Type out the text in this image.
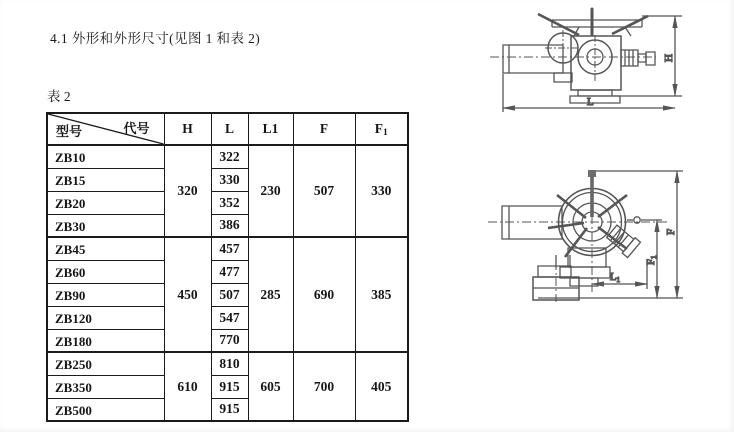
4.1 外形和外形尺寸(见图 1 和表 2)
表 2
型号 代号	H	L	L1	F	$F_1$
ZB10	320	322	230	507	330
ZB15		330			
ZB20		352			
ZB30		386			
ZB45	450	457	285	690	385
ZB60		477			
ZB90		507			
ZB120		547			
ZB180		770			
ZB250	610	810	605	700	405
ZB350		915			
ZB500		915			
H
L
F
F1
L1
